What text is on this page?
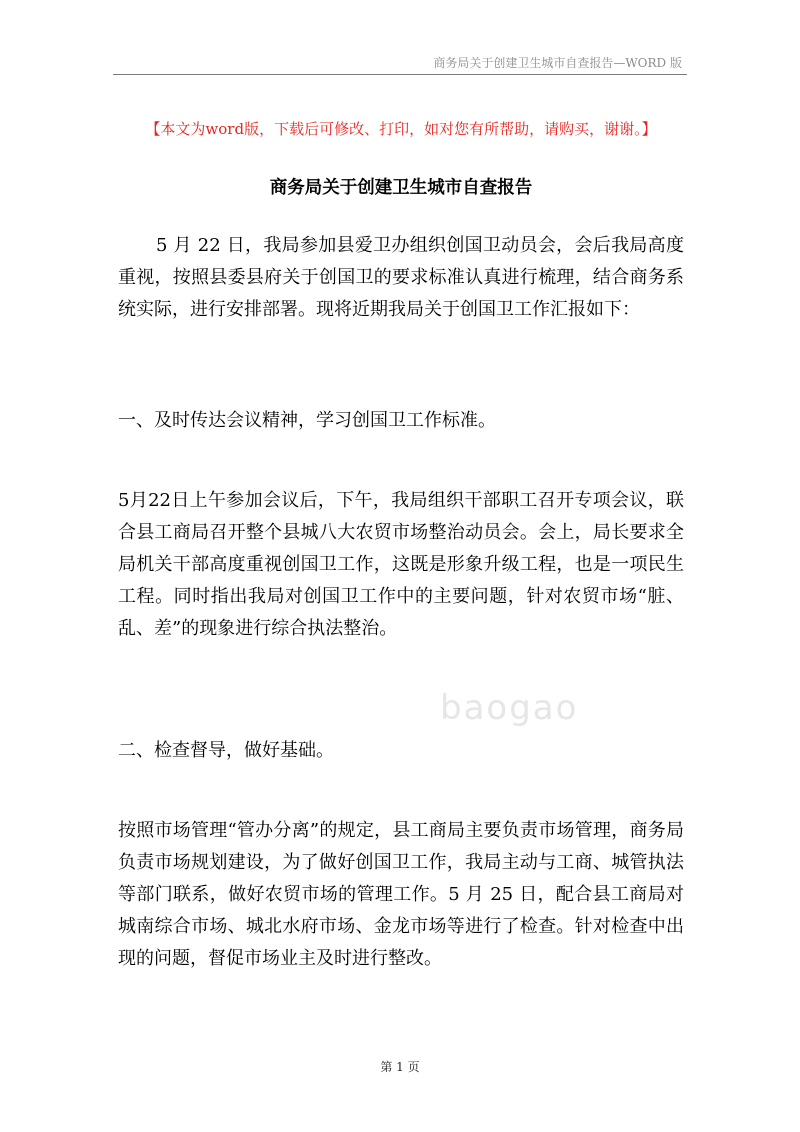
商务局关于创建卫生城市自查报告—WORD 版
【本文为word版，下载后可修改、打印，如对您有所帮助，请购买，谢谢。】
商务局关于创建卫生城市自查报告

5 月 22 日，我局参加县爱卫办组织创国卫动员会，会后我局高度重视，按照县委县府关于创国卫的要求标准认真进行梳理，结合商务系统实际，进行安排部署。现将近期我局关于创国卫工作汇报如下：

一、及时传达会议精神，学习创国卫工作标准。

5月22日上午参加会议后，下午，我局组织干部职工召开专项会议，联合县工商局召开整个县城八大农贸市场整治动员会。会上，局长要求全局机关干部高度重视创国卫工作，这既是形象升级工程，也是一项民生工程。同时指出我局对创国卫工作中的主要问题，针对农贸市场“脏、乱、差”的现象进行综合执法整治。

baogao

二、检查督导，做好基础。

按照市场管理“管办分离”的规定，县工商局主要负责市场管理，商务局负责市场规划建设，为了做好创国卫工作，我局主动与工商、城管执法等部门联系，做好农贸市场的管理工作。5 月 25 日，配合县工商局对城南综合市场、城北水府市场、金龙市场等进行了检查。针对检查中出现的问题，督促市场业主及时进行整改。

第 1 页
